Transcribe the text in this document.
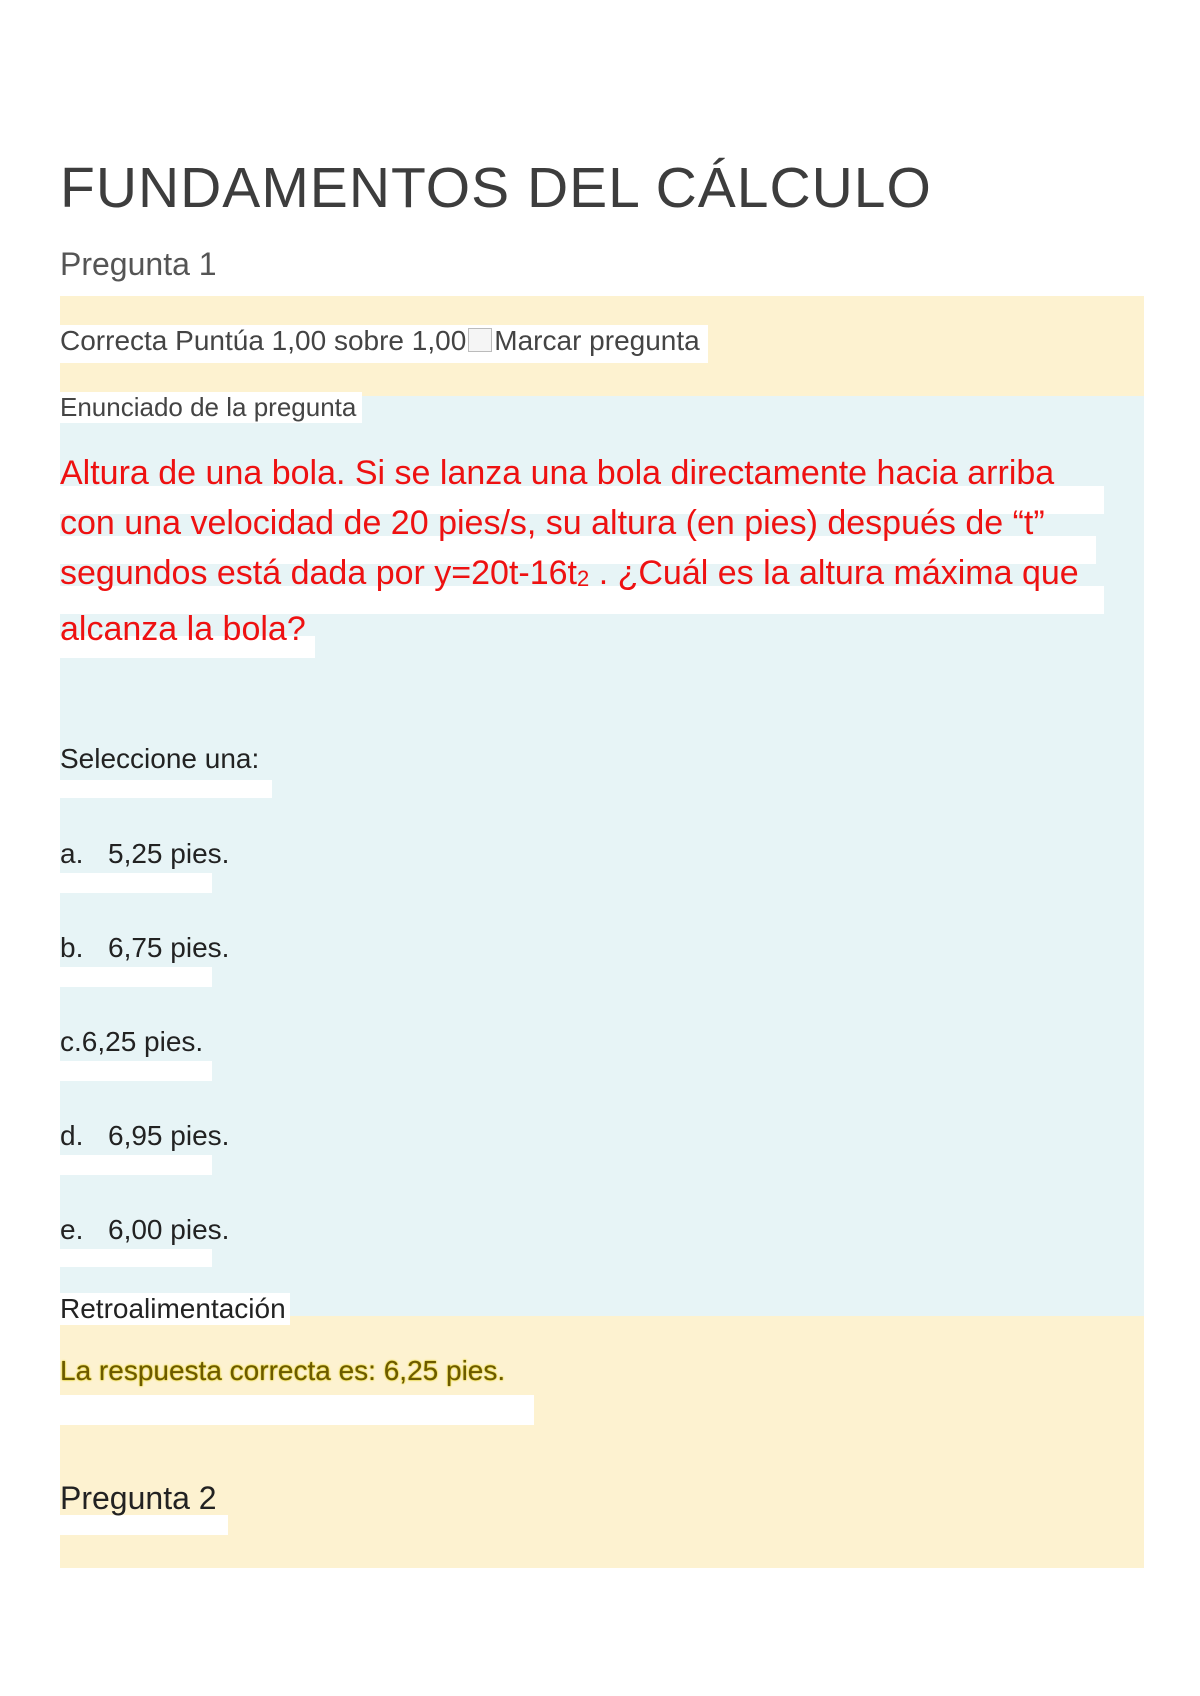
FUNDAMENTOS DEL CÁLCULO
Pregunta 1
Correcta Puntúa 1,00 sobre 1,00 Marcar pregunta
Enunciado de la pregunta
Altura de una bola. Si se lanza una bola directamente hacia arriba con una velocidad de 20 pies/s, su altura (en pies) después de “t” segundos está dada por $y=20t-16t_2$ . ¿Cuál es la altura máxima que alcanza la bola?
Seleccione una:
a. 5,25 pies.
b. 6,75 pies.
c.6,25 pies.
d. 6,95 pies.
e. 6,00 pies.
Retroalimentación
La respuesta correcta es: 6,25 pies.
Pregunta 2
